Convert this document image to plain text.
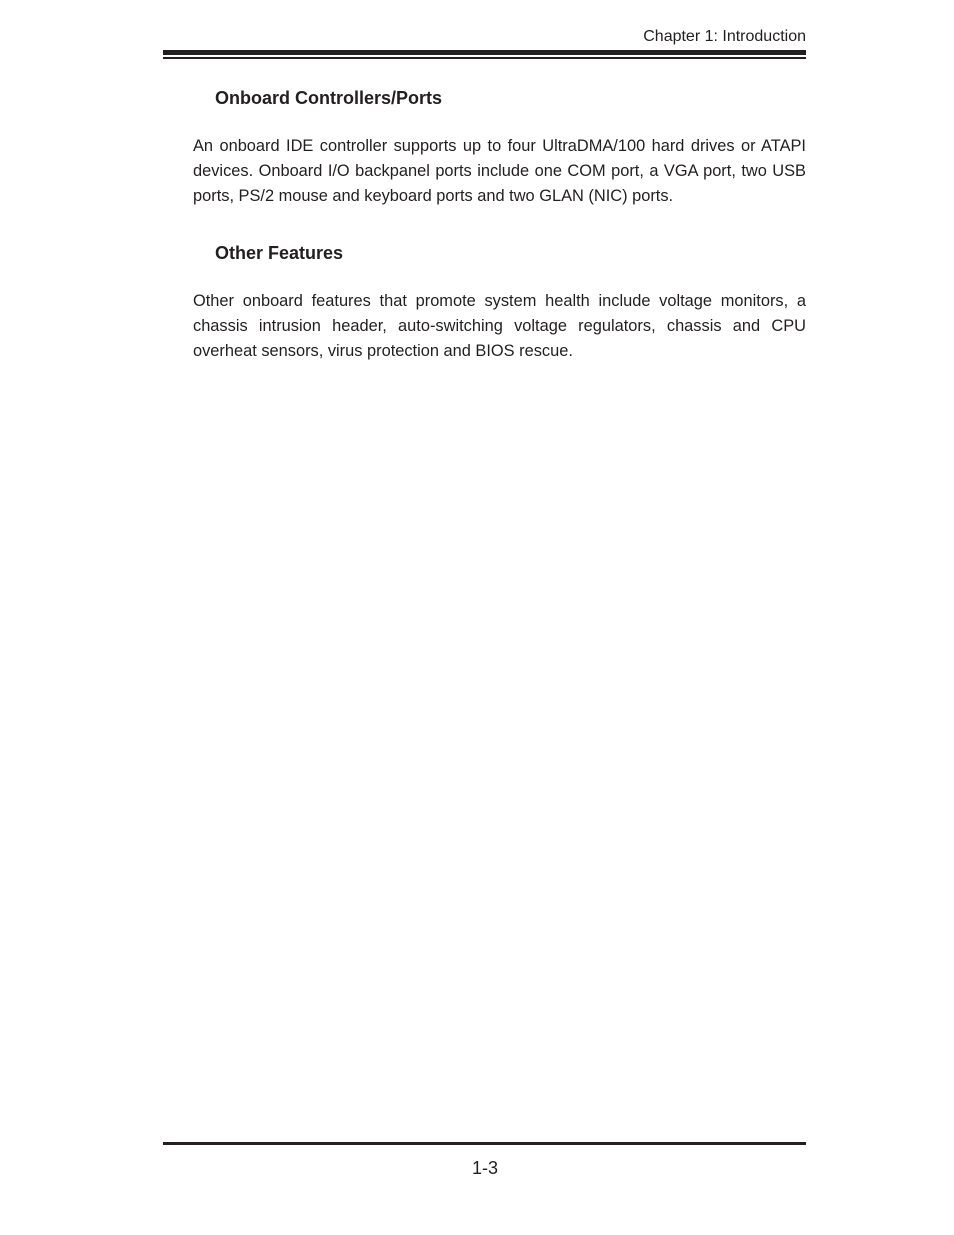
Chapter 1: Introduction
Onboard Controllers/Ports

An onboard IDE controller supports up to four UltraDMA/100 hard drives or ATAPI devices. Onboard I/O backpanel ports include one COM port, a VGA port, two USB ports, PS/2 mouse and keyboard ports and two GLAN (NIC) ports.

Other Features

Other onboard features that promote system health include voltage monitors, a chassis intrusion header, auto-switching voltage regulators, chassis and CPU overheat sensors, virus protection and BIOS rescue.

1-3
